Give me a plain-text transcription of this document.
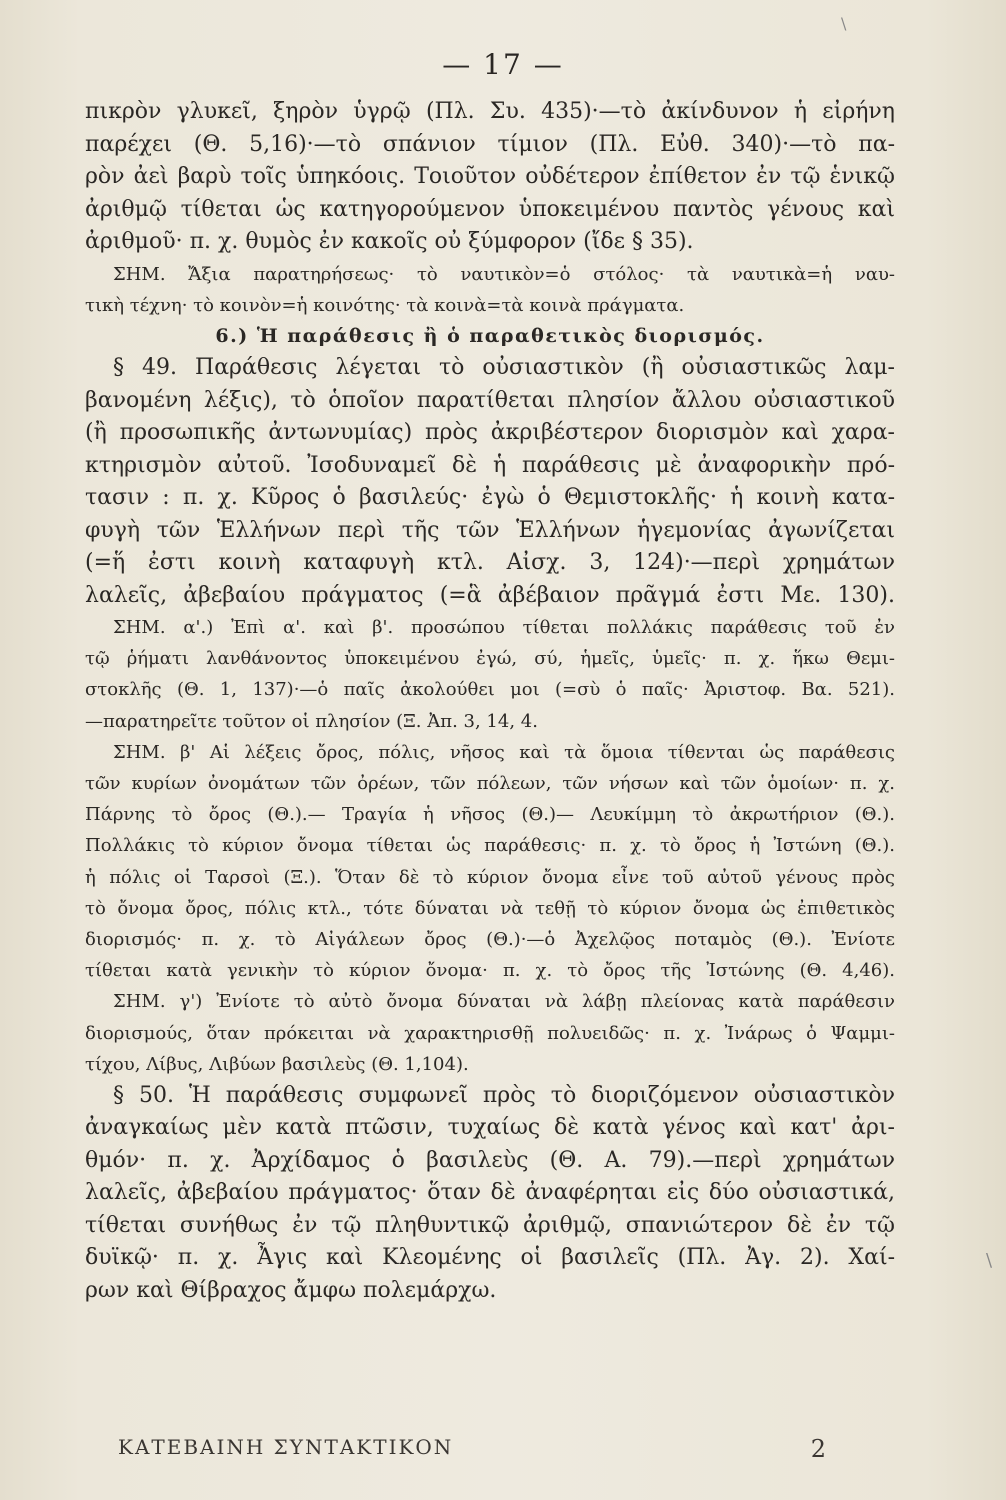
\
— 17 —
πικρὸν γλυκεῖ, ξηρὸν ὑγρῷ (Πλ. Συ. 435)·—τὸ ἀκίνδυνον ἡ εἰρήνη
παρέχει (Θ. 5,16)·—τὸ σπάνιον τίμιον (Πλ. Εὐθ. 340)·—τὸ πα-
ρὸν ἀεὶ βαρὺ τοῖς ὑπηκόοις. Τοιοῦτον οὐδέτερον ἐπίθετον ἐν τῷ ἑνικῷ
ἀριθμῷ τίθεται ὡς κατηγορούμενον ὑποκειμένου παντὸς γένους καὶ
ἀριθμοῦ· π. χ. θυμὸς ἐν κακοῖς οὐ ξύμφορον (ἴδε § 35).
ΣΗΜ. Ἄξια παρατηρήσεως· τὸ ναυτικὸν=ὁ στόλος· τὰ ναυτικὰ=ἡ ναυ-
τικὴ τέχνη· τὸ κοινὸν=ἡ κοινότης· τὰ κοινὰ=τὰ κοινὰ πράγματα.
6.) Ἡ παράθεσις ἢ ὁ παραθετικὸς διορισμός.
§ 49. Παράθεσις λέγεται τὸ οὐσιαστικὸν (ἢ οὐσιαστικῶς λαμ-
βανομένη λέξις), τὸ ὁποῖον παρατίθεται πλησίον ἄλλου οὐσιαστικοῦ
(ἢ προσωπικῆς ἀντωνυμίας) πρὸς ἀκριβέστερον διορισμὸν καὶ χαρα-
κτηρισμὸν αὐτοῦ. Ἰσοδυναμεῖ δὲ ἡ παράθεσις μὲ ἀναφορικὴν πρό-
τασιν : π. χ. Κῦρος ὁ βασιλεύς· ἐγὼ ὁ Θεμιστοκλῆς· ἡ κοινὴ κατα-
φυγὴ τῶν Ἑλλήνων περὶ τῆς τῶν Ἑλλήνων ἡγεμονίας ἀγωνίζεται
(=ἥ ἐστι κοινὴ καταφυγὴ κτλ. Αἰσχ. 3, 124)·—περὶ χρημάτων
λαλεῖς, ἀβεβαίου πράγματος (=ἃ ἀβέβαιον πρᾶγμά ἐστι Με. 130).
ΣΗΜ. α'.) Ἐπὶ α'. καὶ β'. προσώπου τίθεται πολλάκις παράθεσις τοῦ ἐν
τῷ ῥήματι λανθάνοντος ὑποκειμένου ἐγώ, σύ, ἡμεῖς, ὑμεῖς· π. χ. ἥκω Θεμι-
στοκλῆς (Θ. 1, 137)·—ὁ παῖς ἀκολούθει μοι (=σὺ ὁ παῖς· Ἀριστοφ. Βα. 521).
—παρατηρεῖτε τοῦτον οἱ πλησίον (Ξ. Ἀπ. 3, 14, 4.
ΣΗΜ. β' Αἱ λέξεις ὄρος, πόλις, νῆσος καὶ τὰ ὅμοια τίθενται ὡς παράθεσις
τῶν κυρίων ὀνομάτων τῶν ὀρέων, τῶν πόλεων, τῶν νήσων καὶ τῶν ὁμοίων· π. χ.
Πάρνης τὸ ὄρος (Θ.).— Τραγία ἡ νῆσος (Θ.)— Λευκίμμη τὸ ἀκρωτήριον (Θ.).
Πολλάκις τὸ κύριον ὄνομα τίθεται ὡς παράθεσις· π. χ. τὸ ὄρος ἡ Ἰστώνη (Θ.).
ἡ πόλις οἱ Ταρσοὶ (Ξ.). Ὅταν δὲ τὸ κύριον ὄνομα εἶνε τοῦ αὐτοῦ γένους πρὸς
τὸ ὄνομα ὄρος, πόλις κτλ., τότε δύναται νὰ τεθῇ τὸ κύριον ὄνομα ὡς ἐπιθετικὸς
διορισμός· π. χ. τὸ Αἰγάλεων ὄρος (Θ.)·—ὁ Ἀχελῷος ποταμὸς (Θ.). Ἐνίοτε
τίθεται κατὰ γενικὴν τὸ κύριον ὄνομα· π. χ. τὸ ὄρος τῆς Ἰστώνης (Θ. 4,46).
ΣΗΜ. γ') Ἐνίοτε τὸ αὐτὸ ὄνομα δύναται νὰ λάβῃ πλείονας κατὰ παράθεσιν
διορισμούς, ὅταν πρόκειται νὰ χαρακτηρισθῇ πολυειδῶς· π. χ. Ἰνάρως ὁ Ψαμμι-
τίχου, Λίβυς, Λιβύων βασιλεὺς (Θ. 1,104).
§ 50. Ἡ παράθεσις συμφωνεῖ πρὸς τὸ διοριζόμενον οὐσιαστικὸν
ἀναγκαίως μὲν κατὰ πτῶσιν, τυχαίως δὲ κατὰ γένος καὶ κατ' ἀρι-
θμόν· π. χ. Ἀρχίδαμος ὁ βασιλεὺς (Θ. Α. 79).—περὶ χρημάτων
λαλεῖς, ἀβεβαίου πράγματος· ὅταν δὲ ἀναφέρηται εἰς δύο οὐσιαστικά,
τίθεται συνήθως ἐν τῷ πληθυντικῷ ἀριθμῷ, σπανιώτερον δὲ ἐν τῷ
δυϊκῷ· π. χ. Ἆγις καὶ Κλεομένης οἱ βασιλεῖς (Πλ. Ἀγ. 2). Χαί-
ρων καὶ Θίβραχος ἄμφω πολεμάρχω.
\
ΚΑΤΕΒΑΙΝΗ ΣΥΝΤΑΚΤΙΚΟΝ	2
